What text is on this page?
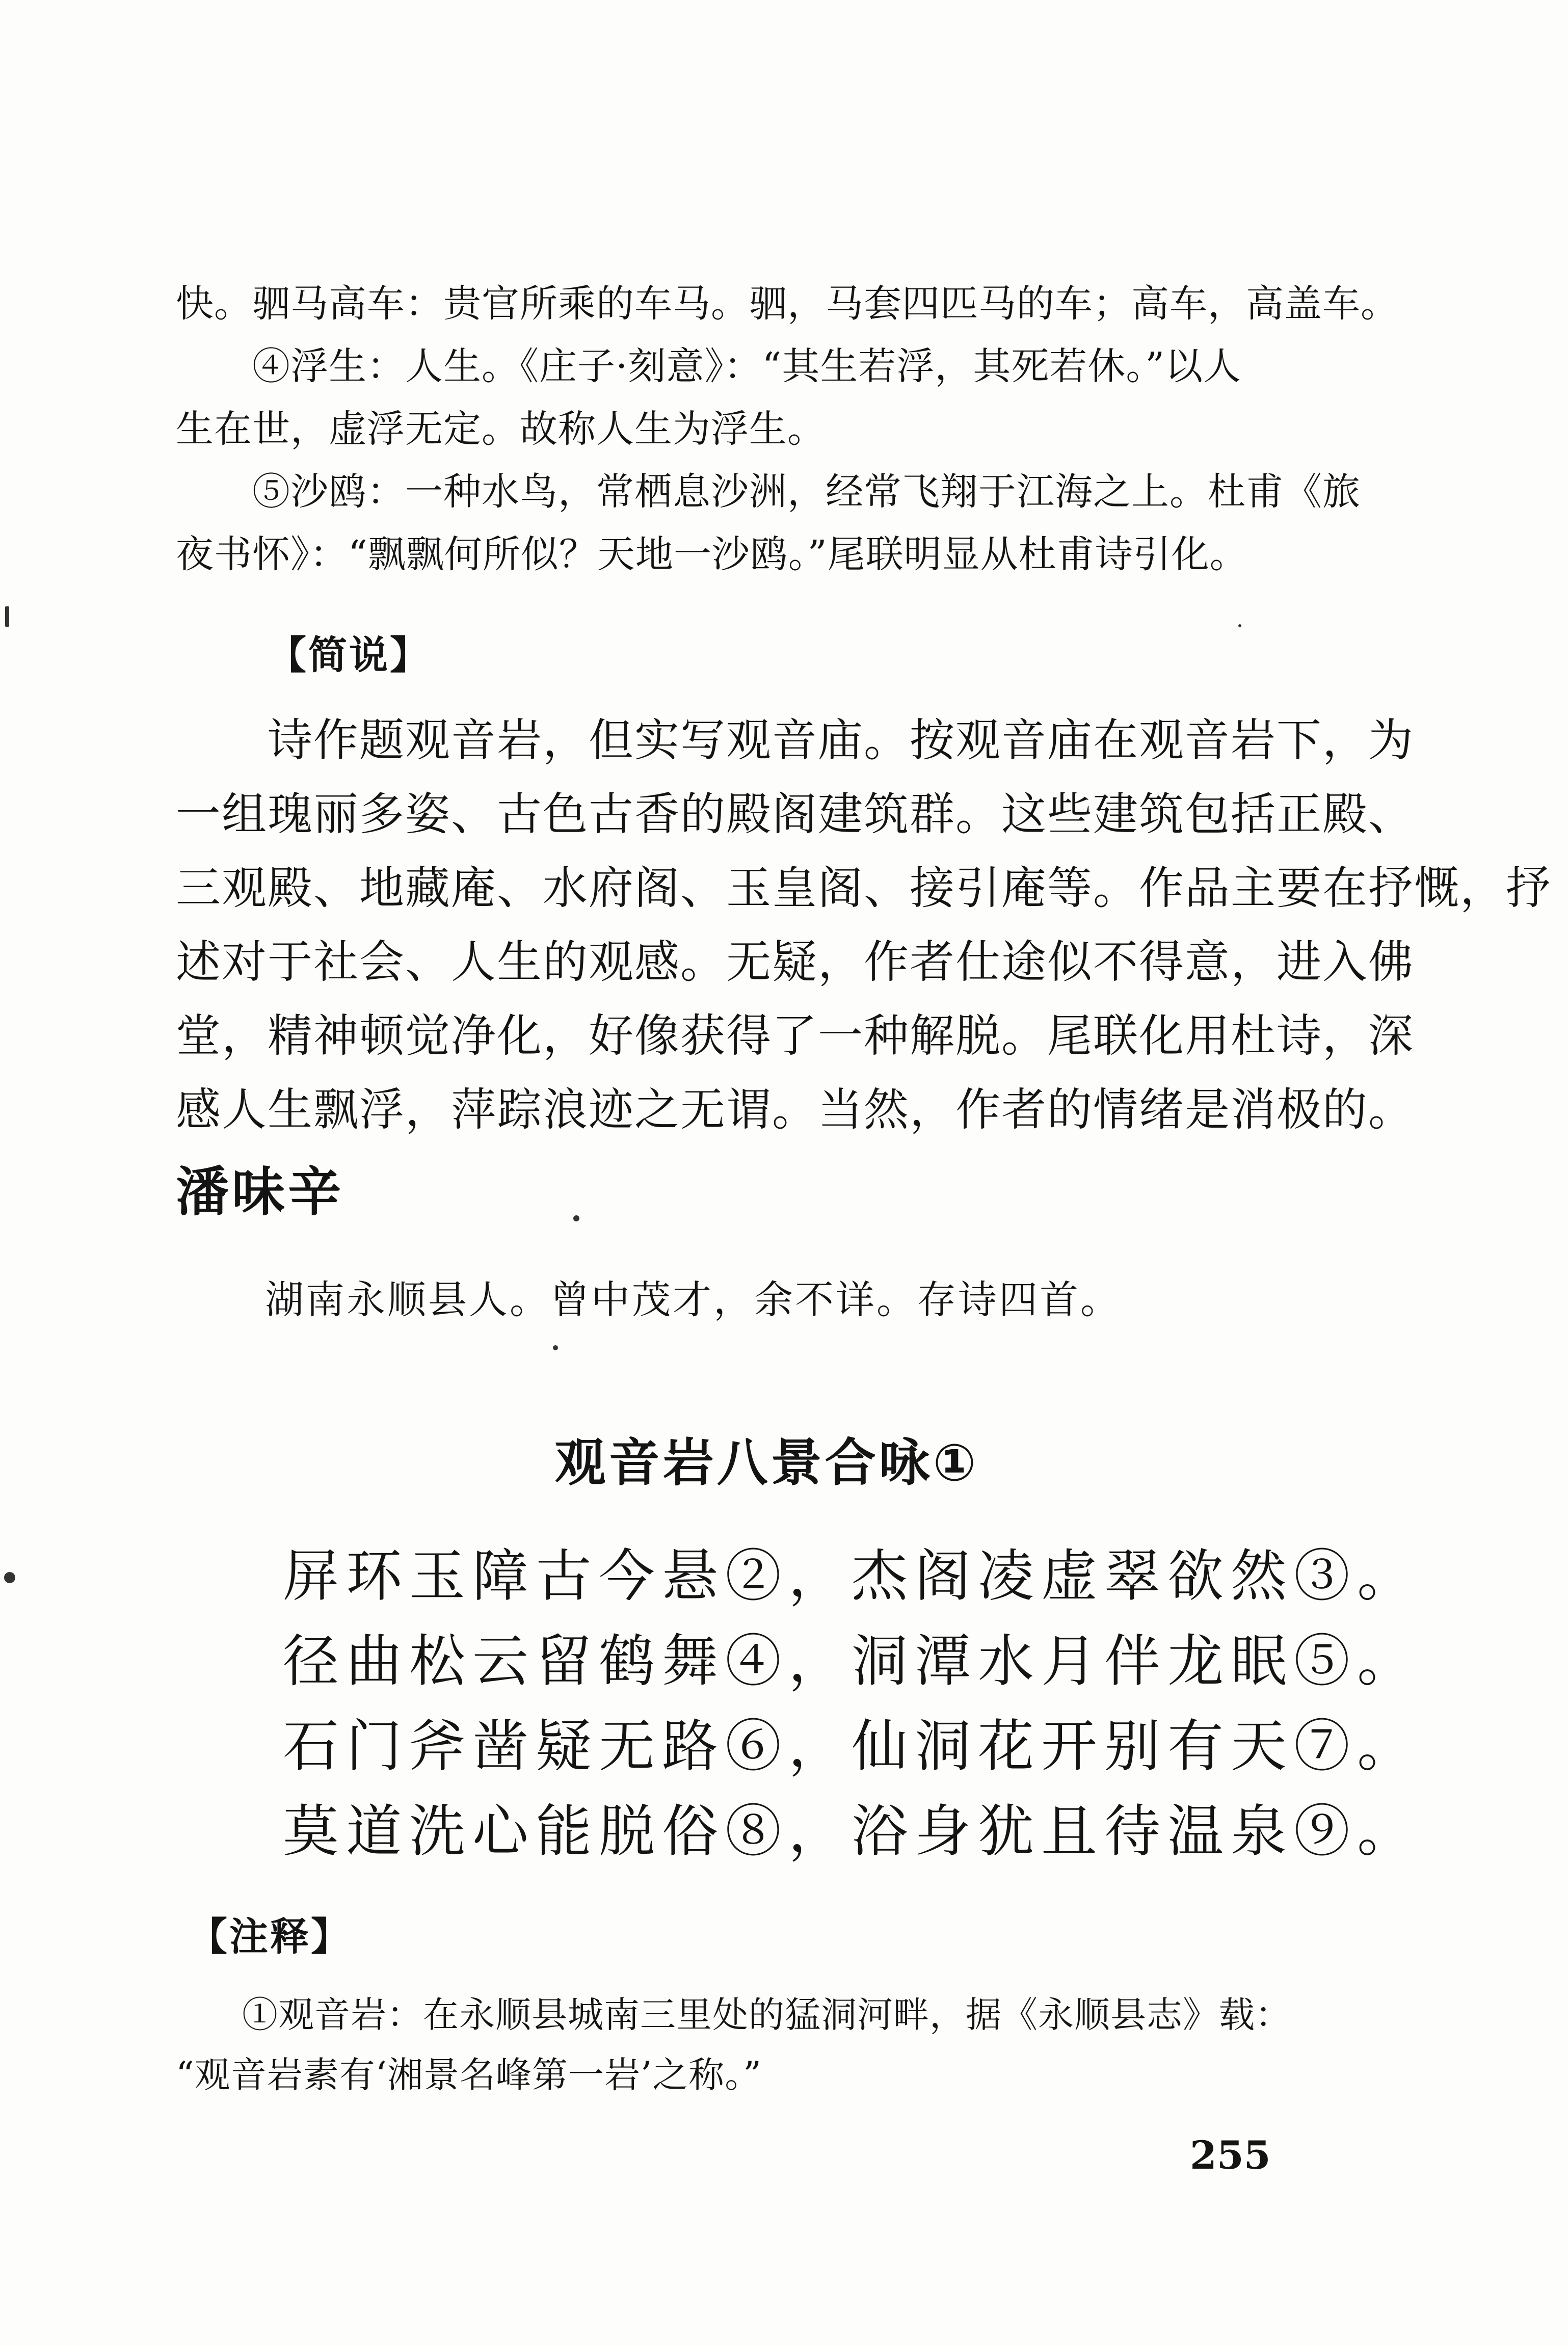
快。驷马高车：贵官所乘的车马。驷，马套四匹马的车；高车，高盖车。
④浮生：人生。《庄子·刻意》：“其生若浮，其死若休。”以人
生在世，虚浮无定。故称人生为浮生。
⑤沙鸥：一种水鸟，常栖息沙洲，经常飞翔于江海之上。杜甫《旅
夜书怀》：“飘飘何所似？天地一沙鸥。”尾联明显从杜甫诗引化。
【简说】
诗作题观音岩，但实写观音庙。按观音庙在观音岩下，为
一组瑰丽多姿、古色古香的殿阁建筑群。这些建筑包括正殿、
三观殿、地藏庵、水府阁、玉皇阁、接引庵等。作品主要在抒慨，抒
述对于社会、人生的观感。无疑，作者仕途似不得意，进入佛
堂，精神顿觉净化，好像获得了一种解脱。尾联化用杜诗，深
感人生飘浮，萍踪浪迹之无谓。当然，作者的情绪是消极的。
潘味辛
湖南永顺县人。曾中茂才，余不详。存诗四首。
观音岩八景合咏①
屏环玉障古今悬②，杰阁凌虚翠欲然③。
径曲松云留鹤舞④，洞潭水月伴龙眠⑤。
石门斧凿疑无路⑥，仙洞花开别有天⑦。
莫道洗心能脱俗⑧，浴身犹且待温泉⑨。
【注释】
①观音岩：在永顺县城南三里处的猛洞河畔，据《永顺县志》载：
“观音岩素有‘湘景名峰第一岩’之称。”
255
